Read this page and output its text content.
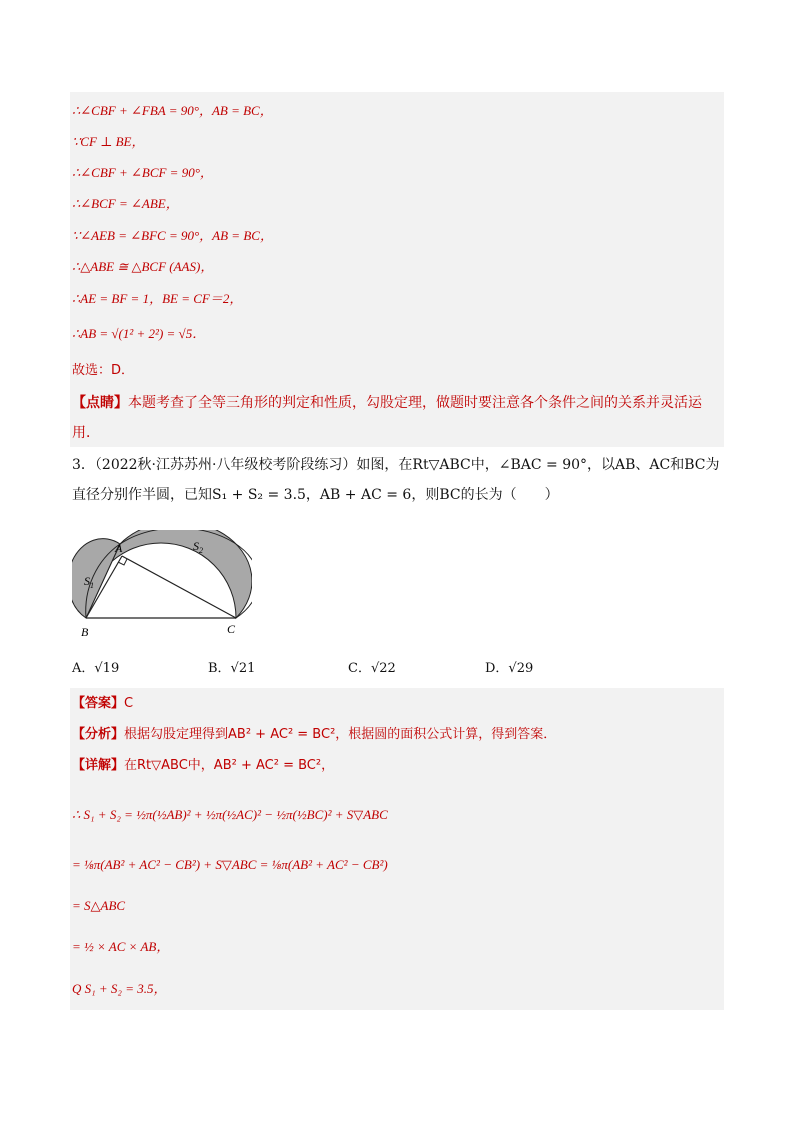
∴∠CBF + ∠FBA = 90°，AB = BC，
∵CF ⊥ BE，
∴∠CBF + ∠BCF = 90°，
∴∠BCF = ∠ABE，
∵∠AEB = ∠BFC = 90°，AB = BC，
∴△ABE ≅ △BCF (AAS)，
∴AE = BF = 1，BE = CF＝2，
∴AB = √(1² + 2²) = √5．
故选：D．
【点睛】本题考查了全等三角形的判定和性质，勾股定理，做题时要注意各个条件之间的关系并灵活运用．
3．（2022秋·江苏苏州·八年级校考阶段练习）如图，在Rt▽ABC中，∠BAC = 90°，以AB、AC和BC为直径分别作半圆，已知S₁ + S₂ = 3.5，AB + AC = 6，则BC的长为（　　）
A
B	C
$S_1$
$S_2$
A．√19	B．√21	C．√22	D．√29
【答案】C
【分析】根据勾股定理得到AB² + AC² = BC²，根据圆的面积公式计算，得到答案．
【详解】在Rt▽ABC中，AB² + AC² = BC²，
∴ S₁ + S₂ = ½π(½AB)² + ½π(½AC)² − ½π(½BC)² + S▽ABC
= ⅛π(AB² + AC² − CB²) + S▽ABC = ⅛π(AB² + AC² − CB²)
= S△ABC
= ½ × AC × AB，
Q S₁ + S₂ = 3.5，
